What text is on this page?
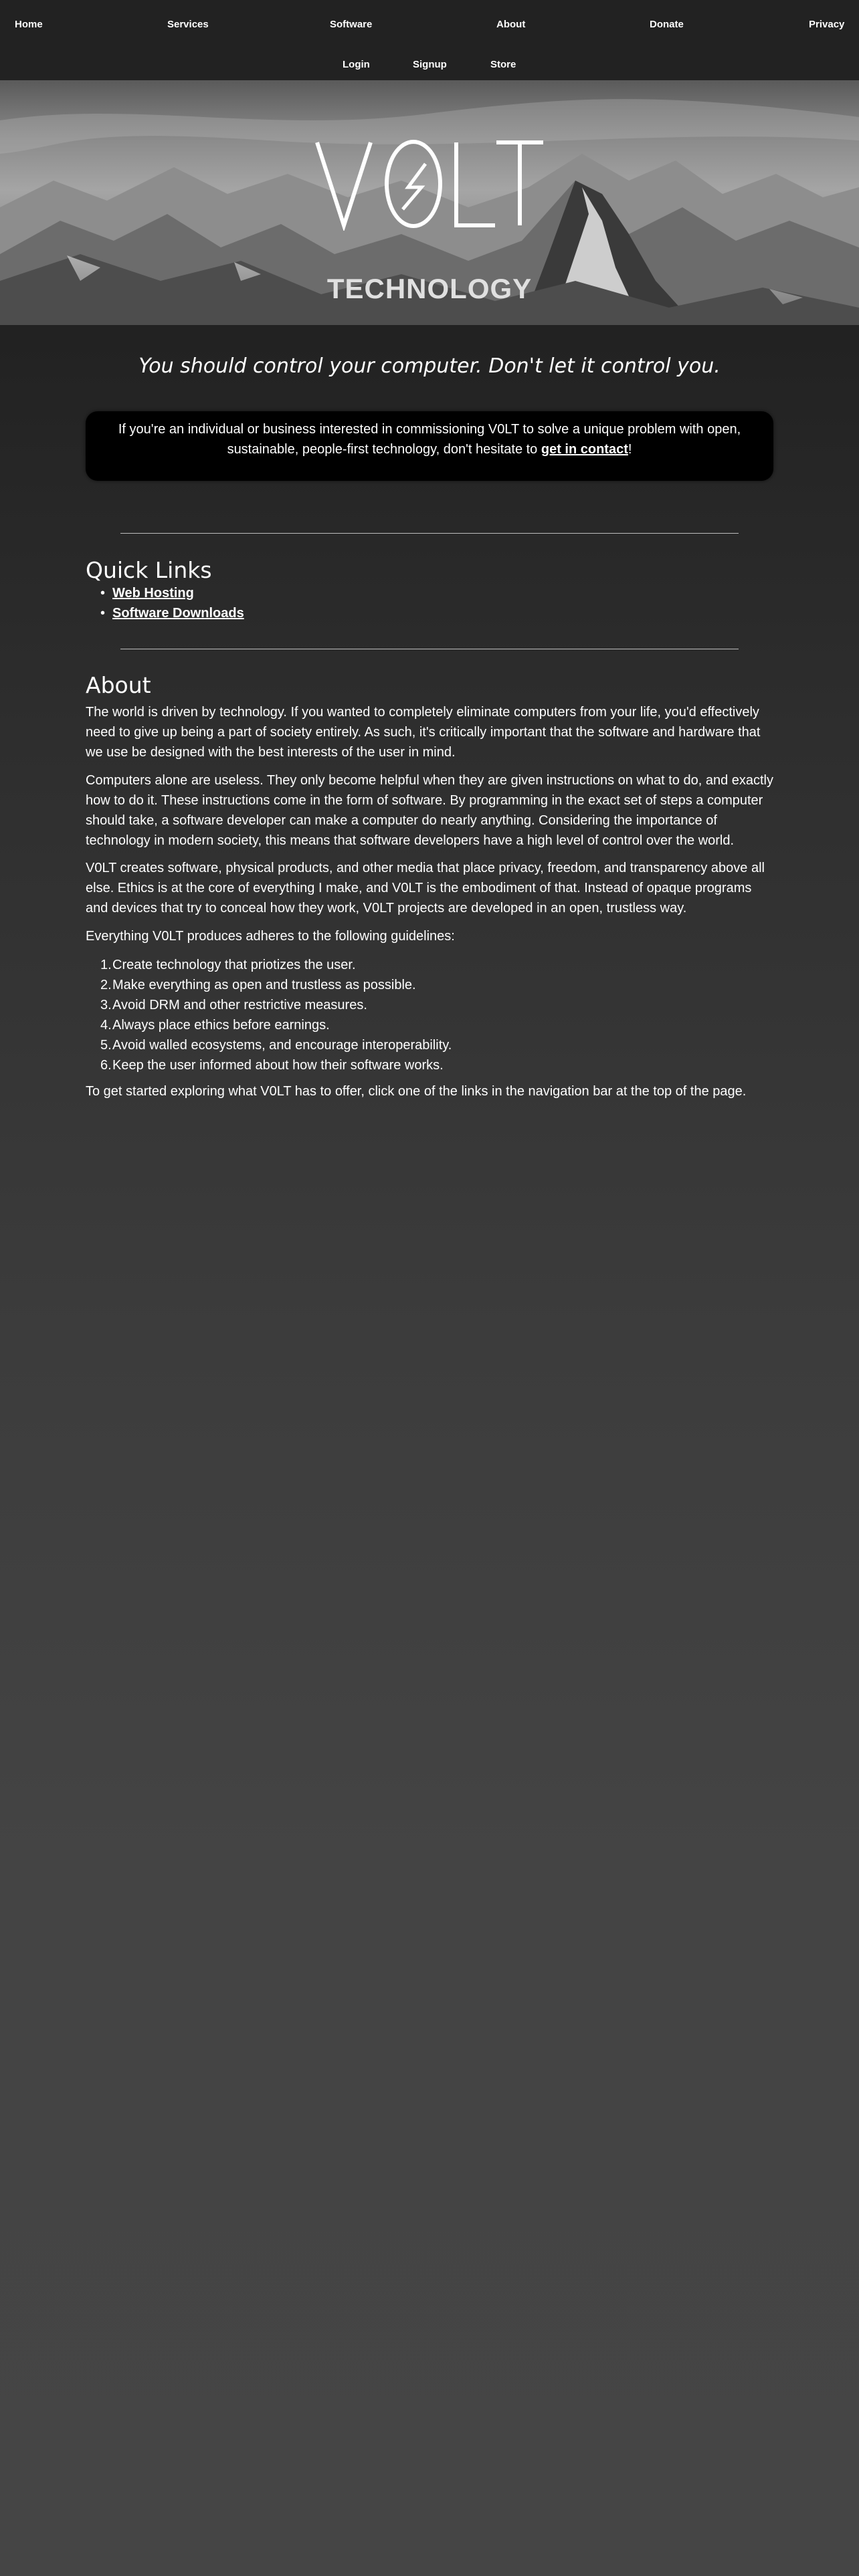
Home	Services	Software	About	Donate	Privacy
Login	Signup	Store
TECHNOLOGY
You should control your computer. Don't let it control you.
If you're an individual or business interested in commissioning V0LT to solve a unique problem with open, sustainable, people-first technology, don't hesitate to get in contact!
Quick Links
• Web Hosting
• Software Downloads
About

The world is driven by technology. If you wanted to completely eliminate computers from your life, you'd effectively need to give up being a part of society entirely. As such, it's critically important that the software and hardware that we use be designed with the best interests of the user in mind.

Computers alone are useless. They only become helpful when they are given instructions on what to do, and exactly how to do it. These instructions come in the form of software. By programming in the exact set of steps a computer should take, a software developer can make a computer do nearly anything. Considering the importance of technology in modern society, this means that software developers have a high level of control over the world.

V0LT creates software, physical products, and other media that place privacy, freedom, and transparency above all else. Ethics is at the core of everything I make, and V0LT is the embodiment of that. Instead of opaque programs and devices that try to conceal how they work, V0LT projects are developed in an open, trustless way.

Everything V0LT produces adheres to the following guidelines:

1. Create technology that priotizes the user.
2. Make everything as open and trustless as possible.
3. Avoid DRM and other restrictive measures.
4. Always place ethics before earnings.
5. Avoid walled ecosystems, and encourage interoperability.
6. Keep the user informed about how their software works.

To get started exploring what V0LT has to offer, click one of the links in the navigation bar at the top of the page.
